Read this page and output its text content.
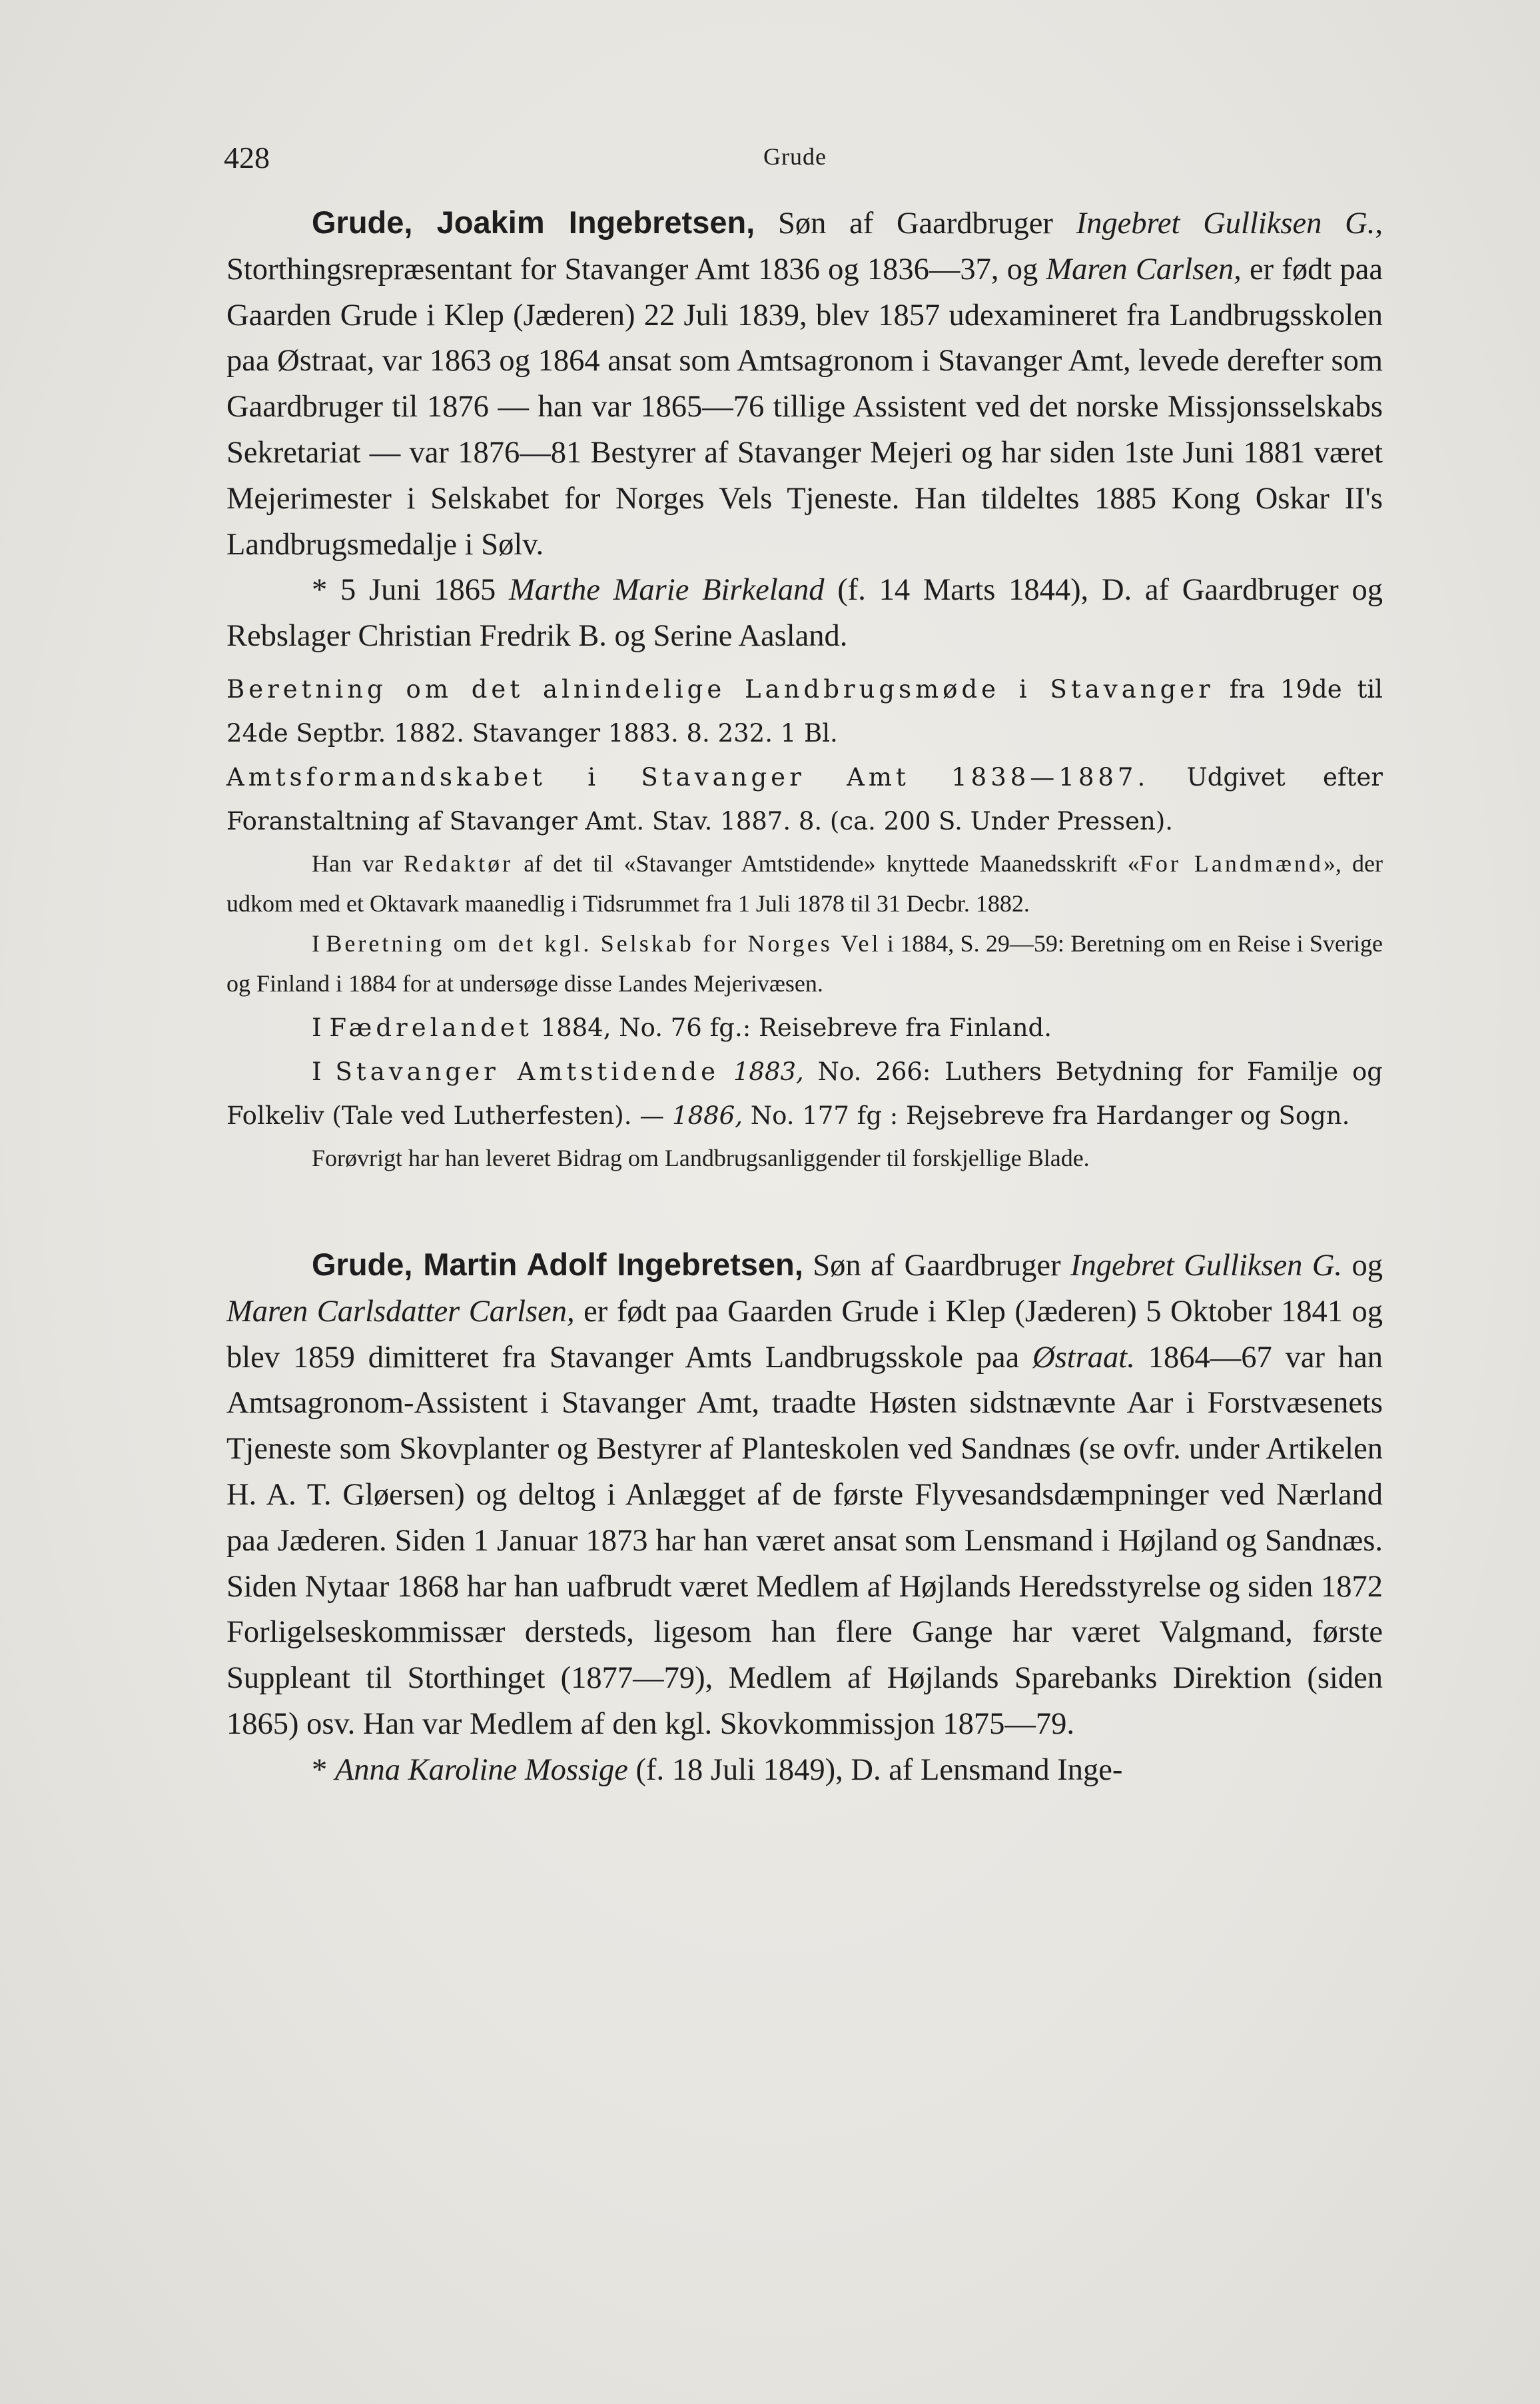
428	Grude

Grude, Joakim Ingebretsen, Søn af Gaardbruger Ingebret Gulliksen G., Storthingsrepræsentant for Stavanger Amt 1836 og 1836—37, og Maren Carlsen, er født paa Gaarden Grude i Klep (Jæderen) 22 Juli 1839, blev 1857 udexamineret fra Landbrugsskolen paa Østraat, var 1863 og 1864 ansat som Amtsagronom i Stavanger Amt, levede derefter som Gaardbruger til 1876 — han var 1865—76 tillige Assistent ved det norske Missjonsselskabs Sekretariat — var 1876—81 Bestyrer af Stavanger Mejeri og har siden 1ste Juni 1881 været Mejerimester i Selskabet for Norges Vels Tjeneste. Han tildeltes 1885 Kong Oskar II's Landbrugsmedalje i Sølv.

* 5 Juni 1865 Marthe Marie Birkeland (f. 14 Marts 1844), D. af Gaardbruger og Rebslager Christian Fredrik B. og Serine Aasland.

Beretning om det alnindelige Landbrugsmøde i Stavanger fra 19de til 24de Septbr. 1882. Stavanger 1883. 8. 232. 1 Bl.

Amtsformandskabet i Stavanger Amt 1838—1887. Udgivet efter Foranstaltning af Stavanger Amt. Stav. 1887. 8. (ca. 200 S. Under Pressen).

Han var Redaktør af det til «Stavanger Amtstidende» knyttede Maanedsskrift «For Landmænd», der udkom med et Oktavark maanedlig i Tidsrummet fra 1 Juli 1878 til 31 Decbr. 1882.

I Beretning om det kgl. Selskab for Norges Vel i 1884, S. 29—59: Beretning om en Reise i Sverige og Finland i 1884 for at undersøge disse Landes Mejerivæsen.

I Fædrelandet 1884, No. 76 fg.: Reisebreve fra Finland.

I Stavanger Amtstidende 1883, No. 266: Luthers Betydning for Familje og Folkeliv (Tale ved Lutherfesten). — 1886, No. 177 fg : Rejsebreve fra Hardanger og Sogn.

Forøvrigt har han leveret Bidrag om Landbrugsanliggender til forskjellige Blade.

Grude, Martin Adolf Ingebretsen, Søn af Gaardbruger Ingebret Gulliksen G. og Maren Carlsdatter Carlsen, er født paa Gaarden Grude i Klep (Jæderen) 5 Oktober 1841 og blev 1859 dimitteret fra Stavanger Amts Landbrugsskole paa Østraat. 1864—67 var han Amtsagronom-Assistent i Stavanger Amt, traadte Høsten sidstnævnte Aar i Forstvæsenets Tjeneste som Skovplanter og Bestyrer af Planteskolen ved Sandnæs (se ovfr. under Artikelen H. A. T. Gløersen) og deltog i Anlægget af de første Flyvesandsdæmpninger ved Nærland paa Jæderen. Siden 1 Januar 1873 har han været ansat som Lensmand i Høјland og Sandnæs. Siden Nytaar 1868 har han uafbrudt været Medlem af Højlands Heredsstyrelse og siden 1872 Forligelseskommissær dersteds, ligesom han flere Gange har været Valgmand, første Suppleant til Storthinget (1877—79), Medlem af Højlands Sparebanks Direktion (siden 1865) osv. Han var Medlem af den kgl. Skovkommissjon 1875—79.

* Anna Karoline Mossige (f. 18 Juli 1849), D. af Lensmand Inge-
